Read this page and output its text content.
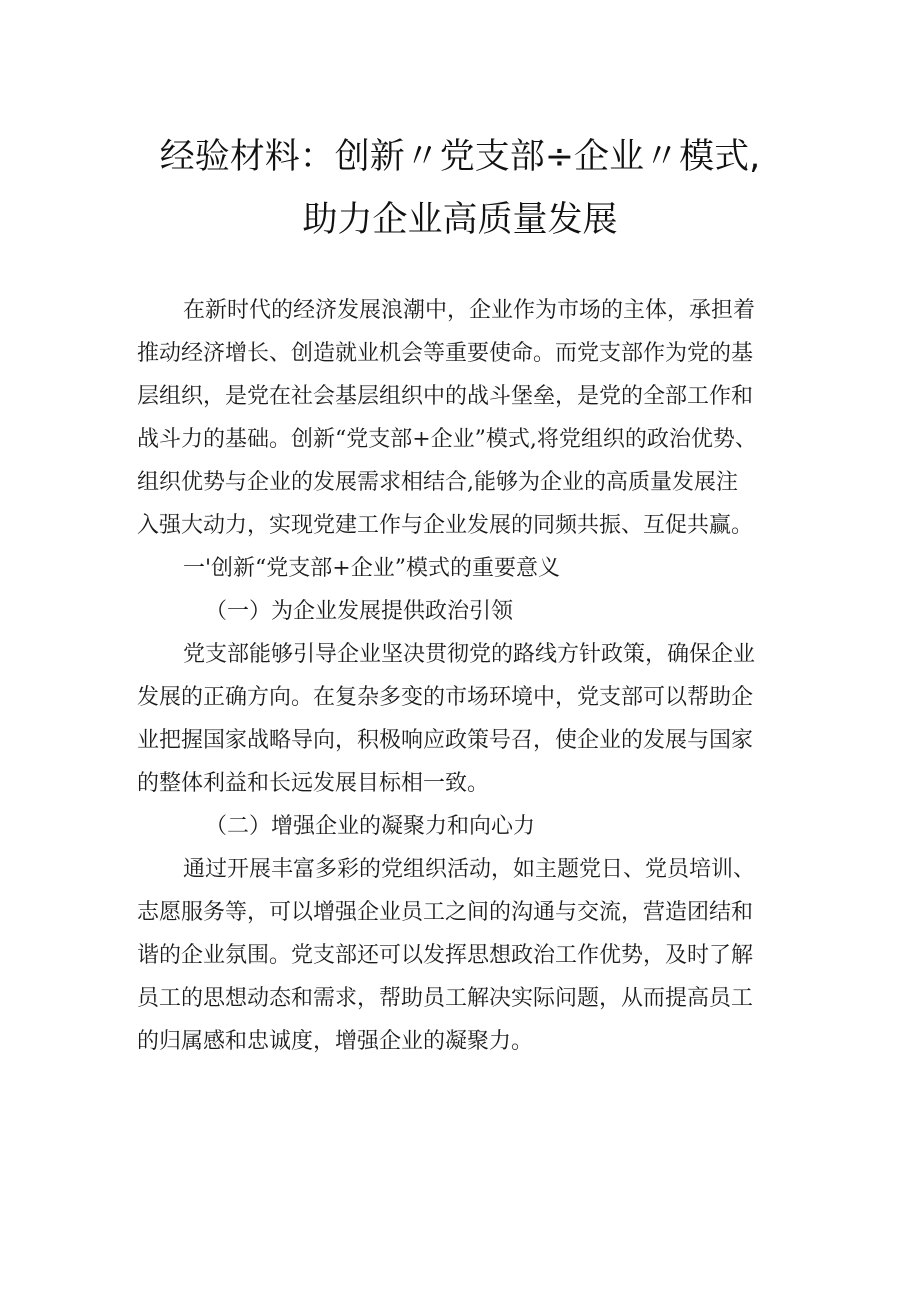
经验材料：创新〃党支部÷企业〃模式,
助力企业高质量发展
在新时代的经济发展浪潮中，企业作为市场的主体，承担着
推动经济增长、创造就业机会等重要使命。而党支部作为党的基
层组织，是党在社会基层组织中的战斗堡垒，是党的全部工作和
战斗力的基础。创新“党支部+企业”模式,将党组织的政治优势、
组织优势与企业的发展需求相结合,能够为企业的高质量发展注
入强大动力，实现党建工作与企业发展的同频共振、互促共赢。
一'创新“党支部+企业”模式的重要意义
（一）为企业发展提供政治引领
党支部能够引导企业坚决贯彻党的路线方针政策，确保企业
发展的正确方向。在复杂多变的市场环境中，党支部可以帮助企
业把握国家战略导向，积极响应政策号召，使企业的发展与国家
的整体利益和长远发展目标相一致。
（二）增强企业的凝聚力和向心力
通过开展丰富多彩的党组织活动，如主题党日、党员培训、
志愿服务等，可以增强企业员工之间的沟通与交流，营造团结和
谐的企业氛围。党支部还可以发挥思想政治工作优势，及时了解
员工的思想动态和需求，帮助员工解决实际问题，从而提高员工
的归属感和忠诚度，增强企业的凝聚力。
